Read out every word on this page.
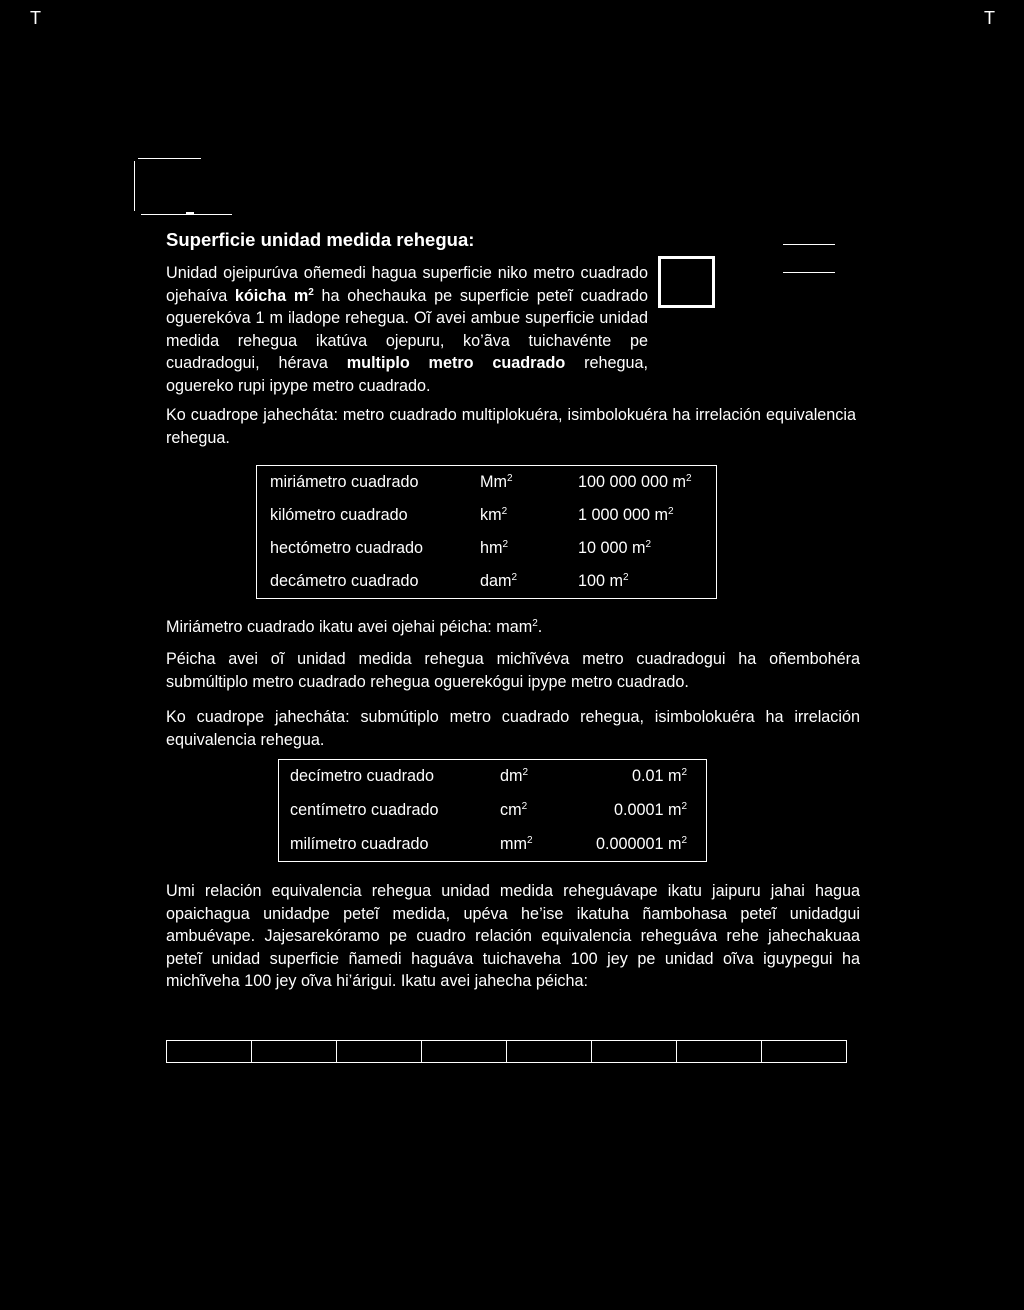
T	T
Superficie unidad medida rehegua:

Unidad ojeipurúva oñemedi hagua superficie niko metro cuadrado ojehaíva kóicha $m^2$ ha ohechauka pe superficie peteĩ cuadrado oguerekóva 1 m iladope rehegua. Oĩ avei ambue superficie unidad medida rehegua ikatúva ojepuru, ko’ãva tuichavénte pe cuadradogui, hérava multiplo metro cuadrado rehegua, oguereko rupi ipype metro cuadrado.

Ko cuadrope jahecháta: metro cuadrado multiplokuéra, isimbolokuéra ha irrelación equivalencia rehegua.

miriámetro cuadrado	Mm$^2$	100 000 000 $m^2$
kilómetro cuadrado	$km^2$	1 000 000 $m^2$
hectómetro cuadrado	$hm^2$	10 000 $m^2$
decámetro cuadrado	dam$^2$	100 $m^2$

Miriámetro cuadrado ikatu avei ojehai péicha: mam$^2$.

Péicha avei oĩ unidad medida rehegua michĩvéva metro cuadradogui ha oñembohéra submúltiplo metro cuadrado rehegua oguerekógui ipype metro cuadrado.

Ko cuadrope jahecháta: submútiplo metro cuadrado rehegua, isimbolokuéra ha irrelación equivalencia rehegua.

decímetro cuadrado	$dm^2$	0.01 $m^2$
centímetro cuadrado	$cm^2$	0.0001 $m^2$
milímetro cuadrado	$mm^2$	0.000001 $m^2$

Umi relación equivalencia rehegua unidad medida reheguávape ikatu jaipuru jahai hagua opaichagua unidadpe peteĩ medida, upéva he’ise ikatuha ñambohasa peteĩ unidadgui ambuévape. Jajesarekóramo pe cuadro relación equivalencia reheguáva rehe jahechakuaa peteĩ unidad superficie ñamedi haguáva tuichaveha 100 jey pe unidad oĩva iguypegui ha michĩveha 100 jey oĩva hi’árigui. Ikatu avei jahecha péicha:
